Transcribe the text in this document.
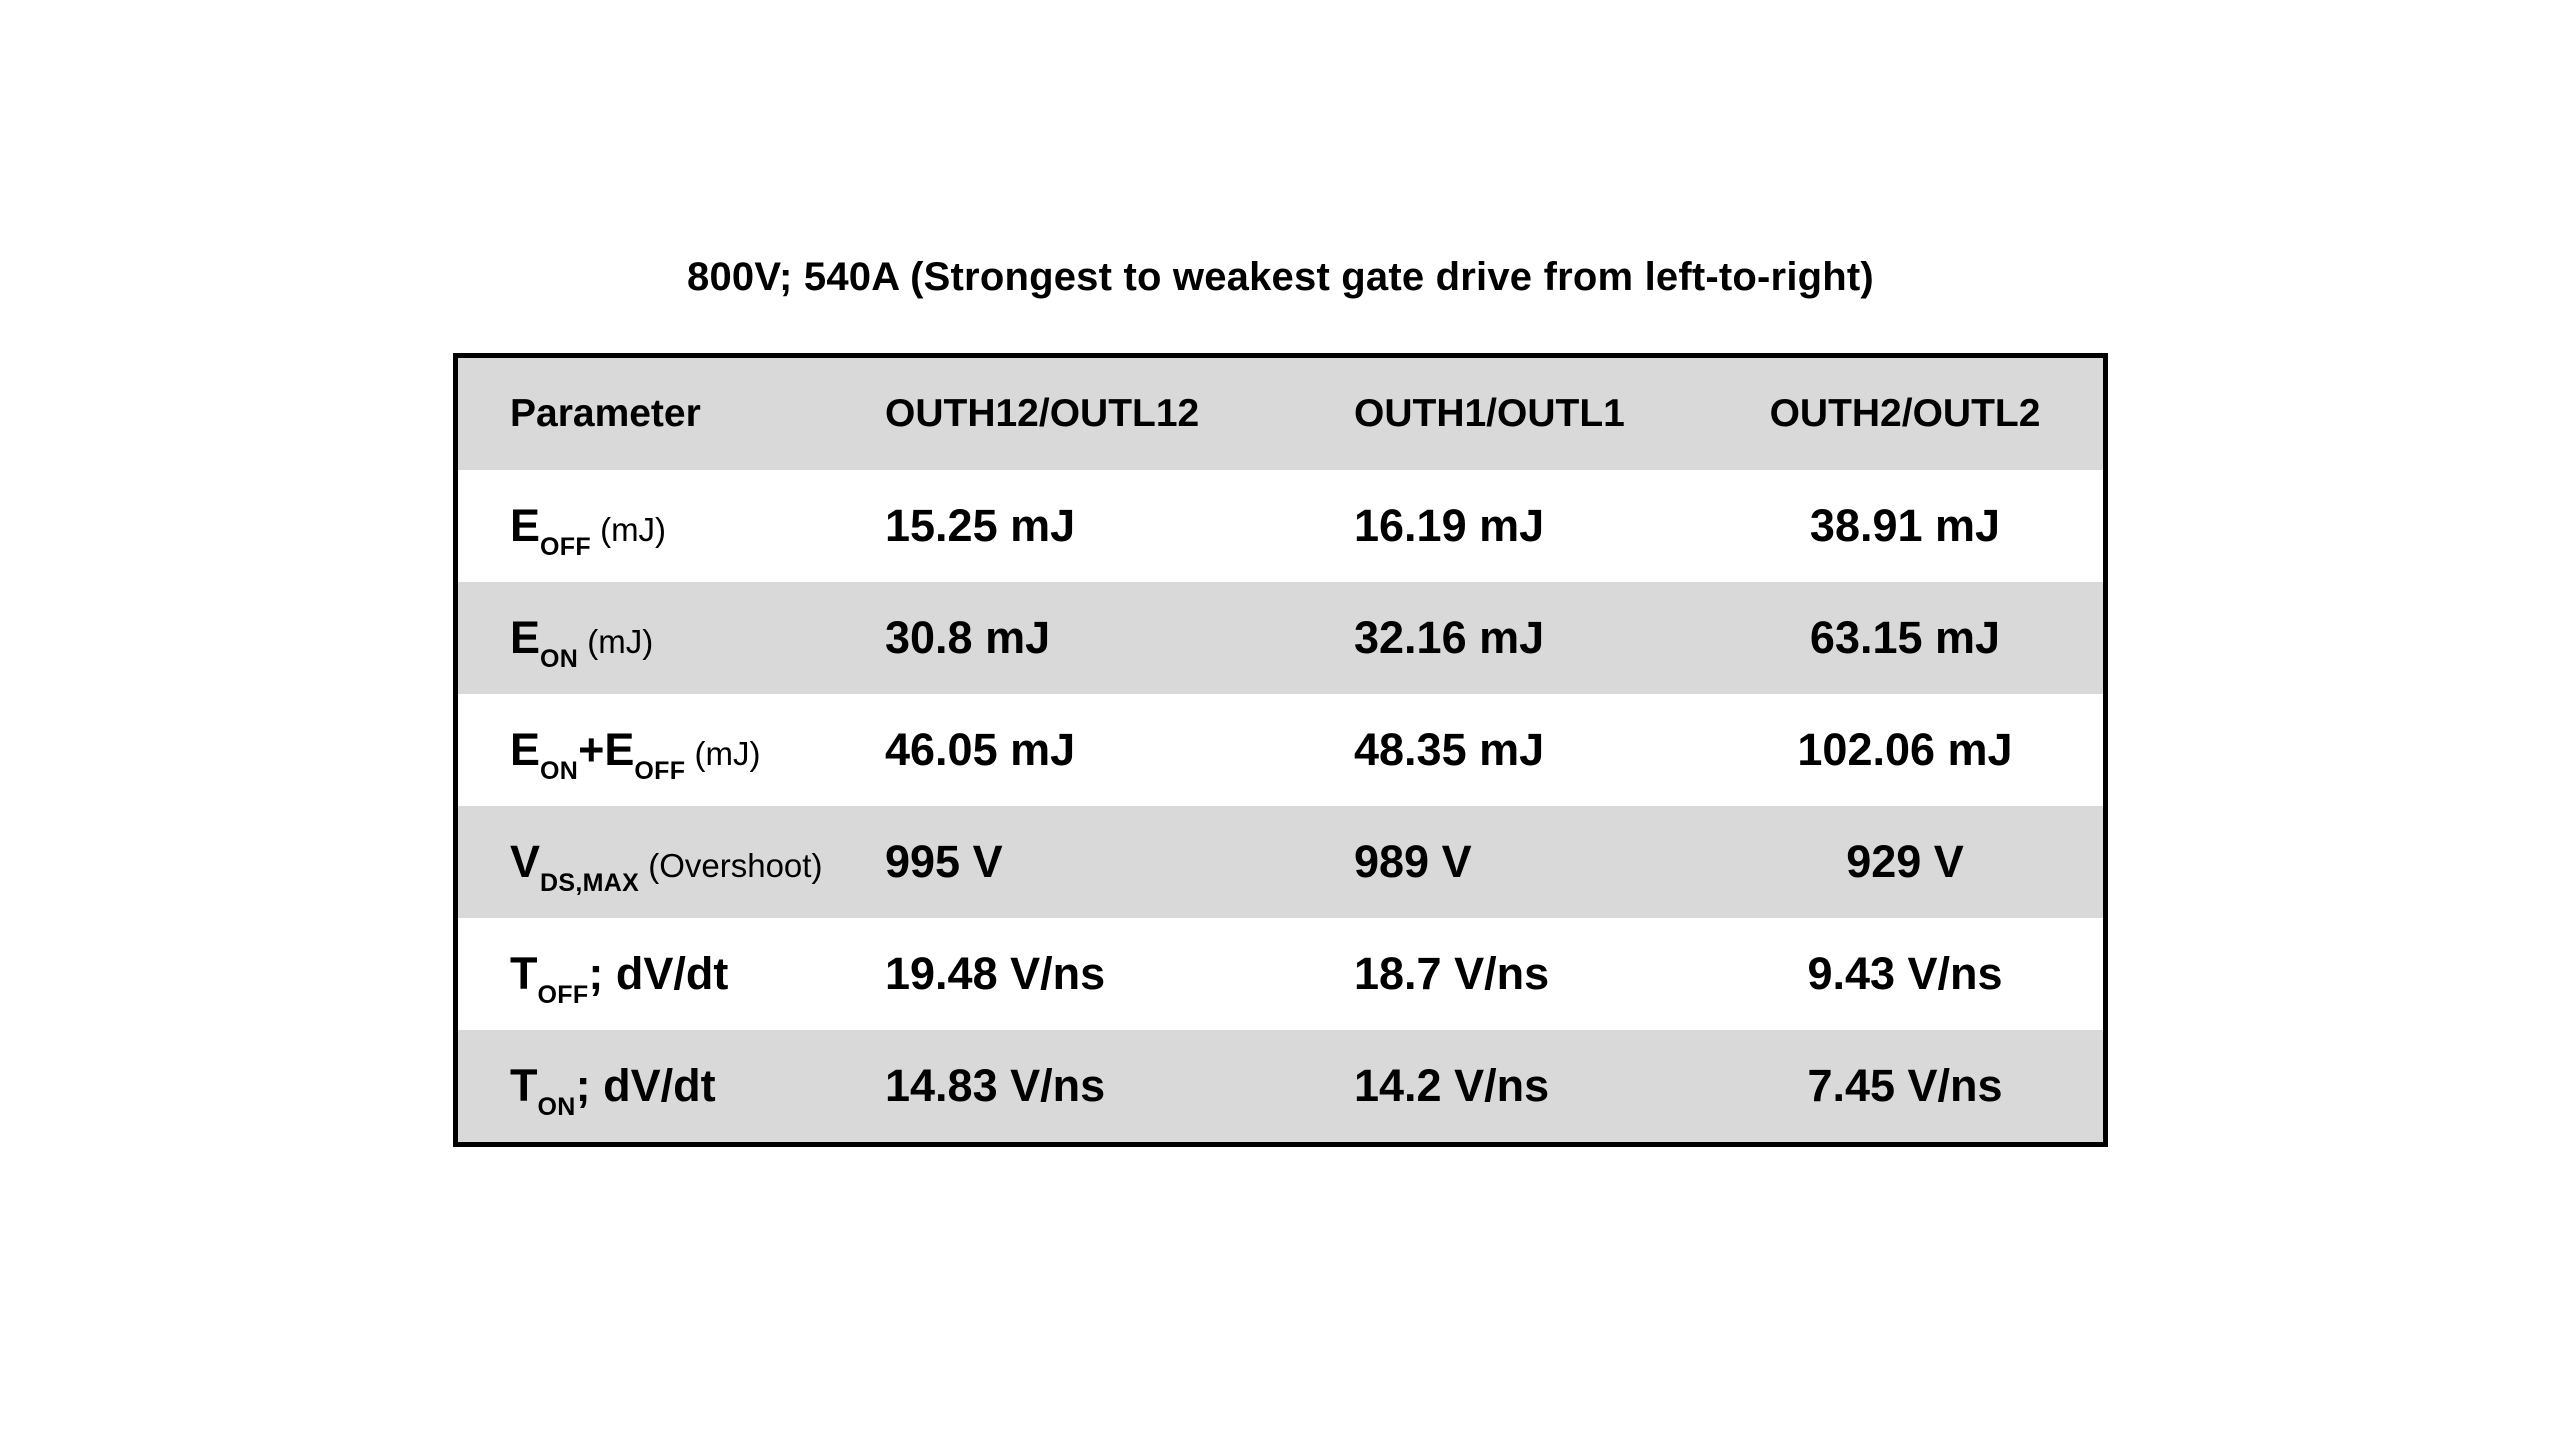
800V; 540A (Strongest to weakest gate drive from left-to-right)
Parameter	OUTH12/OUTL12	OUTH1/OUTL1	OUTH2/OUTL2
EOFF (mJ)	15.25 mJ	16.19 mJ	38.91 mJ
EON (mJ)	30.8 mJ	32.16 mJ	63.15 mJ
EON+EOFF (mJ)	46.05 mJ	48.35 mJ	102.06 mJ
VDS,MAX (Overshoot)	995 V	989 V	929 V
TOFF; dV/dt	19.48 V/ns	18.7 V/ns	9.43 V/ns
TON; dV/dt	14.83 V/ns	14.2 V/ns	7.45 V/ns
